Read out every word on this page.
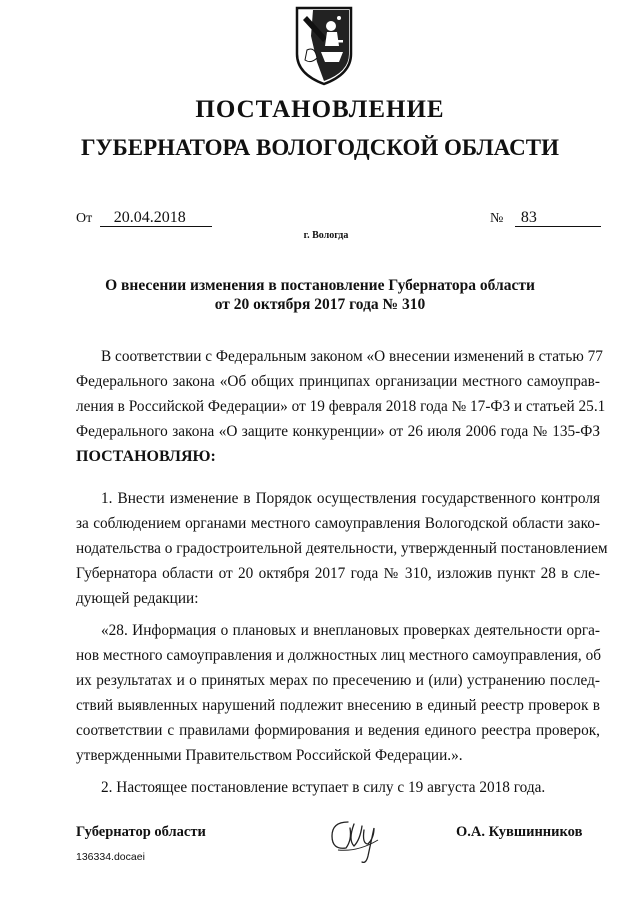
ПОСТАНОВЛЕНИЕ
ГУБЕРНАТОРА ВОЛОГОДСКОЙ ОБЛАСТИ
От 20.04.2018	№ 83
г. Вологда
О внесении изменения в постановление Губернатора области
от 20 октября 2017 года № 310
В соответствии с Федеральным законом «О внесении изменений в статью 77
Федерального закона «Об общих принципах организации местного самоуправ-
ления в Российской Федерации» от 19 февраля 2018 года № 17-ФЗ и статьей 25.1
Федерального закона «О защите конкуренции» от 26 июля 2006 года № 135-ФЗ
ПОСТАНОВЛЯЮ:
1. Внести изменение в Порядок осуществления государственного контроля
за соблюдением органами местного самоуправления Вологодской области зако-
нодательства о градостроительной деятельности, утвержденный постановлением
Губернатора области от 20 октября 2017 года № 310, изложив пункт 28 в сле-
дующей редакции:
«28. Информация о плановых и внеплановых проверках деятельности орга-
нов местного самоуправления и должностных лиц местного самоуправления, об
их результатах и о принятых мерах по пресечению и (или) устранению послед-
ствий выявленных нарушений подлежит внесению в единый реестр проверок в
соответствии с правилами формирования и ведения единого реестра проверок,
утвержденными Правительством Российской Федерации.».
2. Настоящее постановление вступает в силу с 19 августа 2018 года.
Губернатор области	О.А. Кувшинников
136334.docaei
